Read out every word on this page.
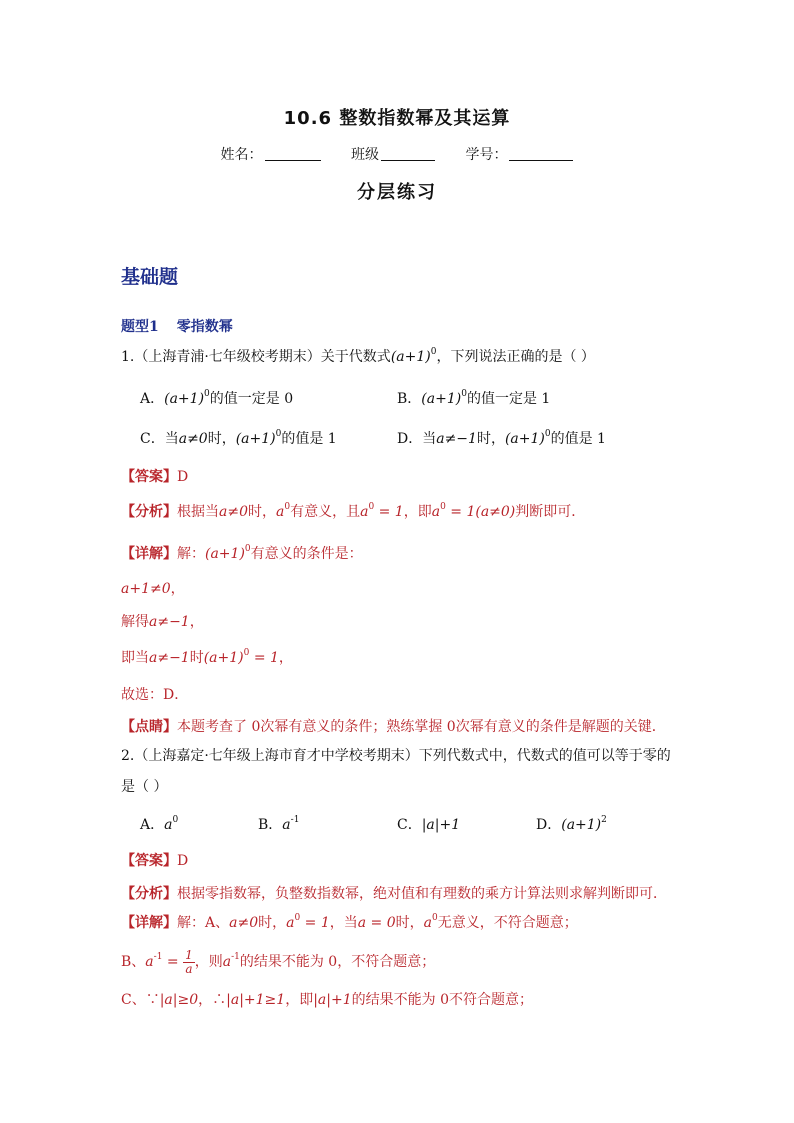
10.6 整数指数幂及其运算
姓名：	班级	学号：
分层练习
基础题
题型1 零指数幂
1.（上海青浦·七年级校考期末）关于代数式$(a+1)^0$，下列说法正确的是（ ）
A．$(a+1)^0$的值一定是 0	B．$(a+1)^0$的值一定是 1
C．当a≠0时，$(a+1)^0$的值是 1	D．当a≠−1时，$(a+1)^0$的值是 1
【答案】D
【分析】根据当a≠0时，$a^0$有意义，且$a^0 = 1$，即$a^0 = 1(a\ne 0)$判断即可．
【详解】解：$(a+1)^0$有意义的条件是：
a+1≠0，
解得a≠−1，
即当a≠−1时$(a+1)^0 = 1$，
故选：D．
【点睛】本题考查了 0次幂有意义的条件；熟练掌握 0次幂有意义的条件是解题的关键．
2.（上海嘉定·七年级上海市育才中学校考期末）下列代数式中，代数式的值可以等于零的
是（ ）
A．$a^0$	B．$a^{-1}$	C．|a|+1	D．$(a+1)^2$
【答案】D
【分析】根据零指数幂，负整数指数幂，绝对值和有理数的乘方计算法则求解判断即可．
【详解】解：A、a≠0时，$a^0 = 1$，当a = 0时，$a^0$无意义，不符合题意；
B、$a^{-1} = \frac{1}{a}$ ，则$a^{-1}$的结果不能为 0，不符合题意；
C、∵|a|≥0，∴|a|+1≥1，即|a|+1的结果不能为 0不符合题意；
